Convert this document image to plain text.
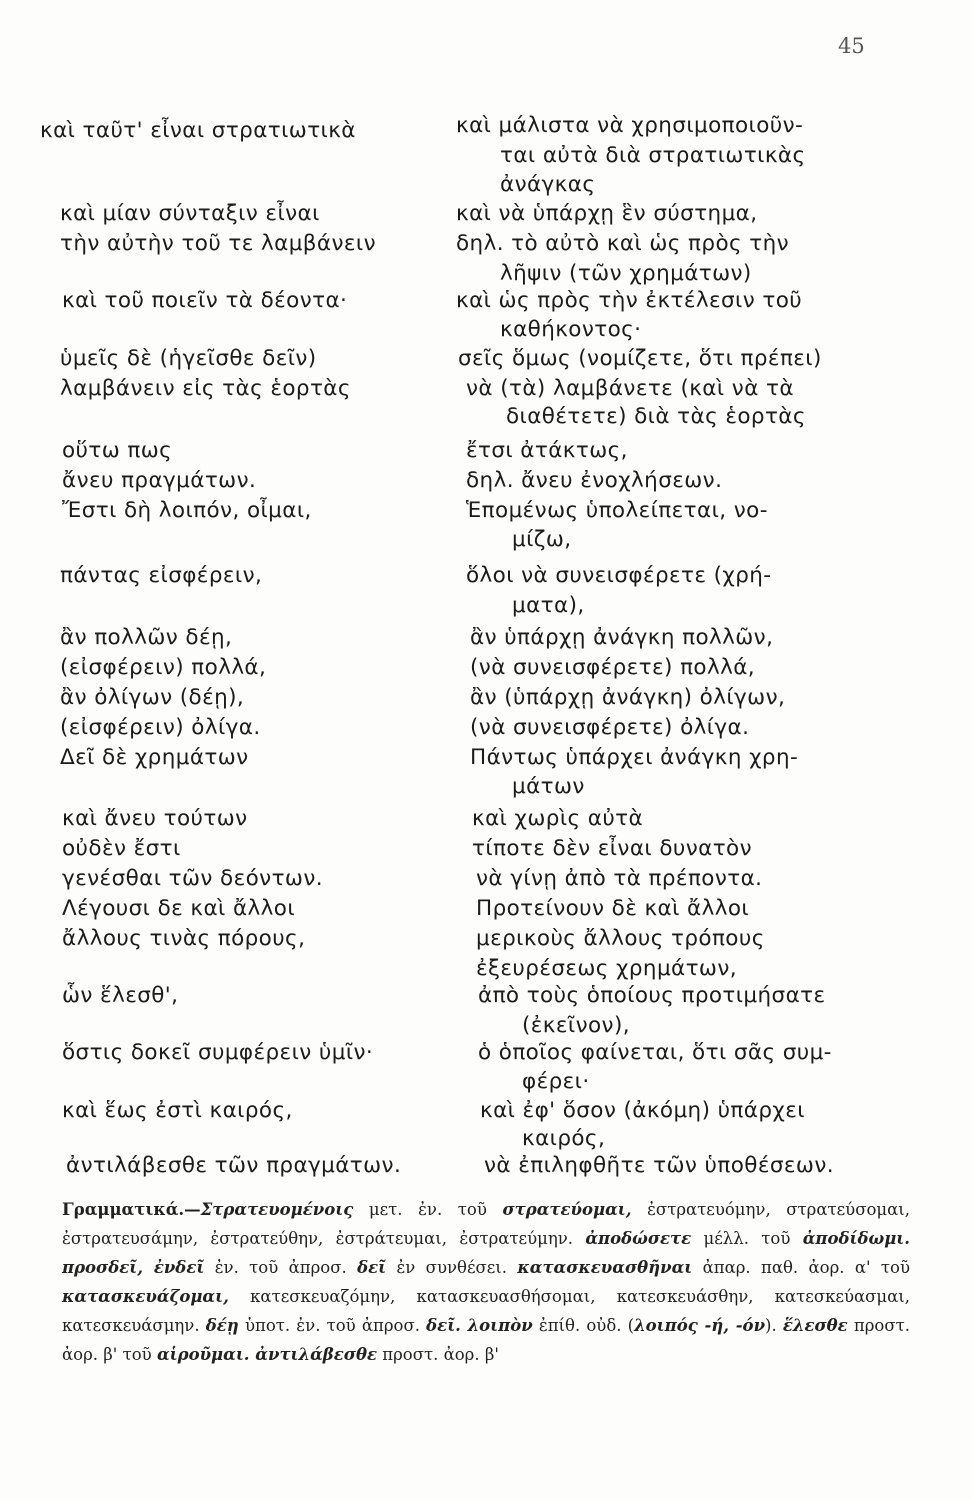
45
καὶ ταῦτ' εἶναι στρατιωτικὰ
καὶ μίαν σύνταξιν εἶναι
τὴν αὐτὴν τοῦ τε λαμβάνειν
καὶ τοῦ ποιεῖν τὰ δέοντα·
ὑμεῖς δὲ (ἡγεῖσθε δεῖν)
λαμβάνειν εἰς τὰς ἑορτὰς
οὕτω πως
ἄνευ πραγμάτων.
Ἔστι δὴ λοιπόν, οἶμαι,
πάντας εἰσφέρειν,
ἂν πολλῶν δέῃ,
(εἰσφέρειν) πολλά,
ἂν ὀλίγων (δέῃ),
(εἰσφέρειν) ὀλίγα.
Δεῖ δὲ χρημάτων
καὶ ἄνευ τούτων
οὐδὲν ἔστι
γενέσθαι τῶν δεόντων.
Λέγουσι δε καὶ ἄλλοι
ἄλλους τινὰς πόρους,
ὧν ἕλεσθ',
ὅστις δοκεῖ συμφέρειν ὑμῖν·
καὶ ἕως ἐστὶ καιρός,
ἀντιλάβεσθε τῶν πραγμάτων.
καὶ μάλιστα νὰ χρησιμοποιοῦν-
ται αὐτὰ διὰ στρατιωτικὰς
ἀνάγκας
καὶ νὰ ὑπάρχῃ ἓν σύστημα,
δηλ. τὸ αὐτὸ καὶ ὡς πρὸς τὴν
λῆψιν (τῶν χρημάτων)
καὶ ὡς πρὸς τὴν ἐκτέλεσιν τοῦ
καθήκοντος·
σεῖς ὅμως (νομίζετε, ὅτι πρέπει)
νὰ (τὰ) λαμβάνετε (καὶ νὰ τὰ
διαθέτετε) διὰ τὰς ἑορτὰς
ἔτσι ἀτάκτως,
δηλ. ἄνευ ἐνοχλήσεων.
Ἑπομένως ὑπολείπεται, νο-
μίζω,
ὅλοι νὰ συνεισφέρετε (χρή-
ματα),
ἂν ὑπάρχῃ ἀνάγκη πολλῶν,
(νὰ συνεισφέρετε) πολλά,
ἂν (ὑπάρχῃ ἀνάγκη) ὀλίγων,
(νὰ συνεισφέρετε) ὀλίγα.
Πάντως ὑπάρχει ἀνάγκη χρη-
μάτων
καὶ χωρὶς αὐτὰ
τίποτε δὲν εἶναι δυνατὸν
νὰ γίνῃ ἀπὸ τὰ πρέποντα.
Προτείνουν δὲ καὶ ἄλλοι
μερικοὺς ἄλλους τρόπους
ἐξευρέσεως χρημάτων,
ἀπὸ τοὺς ὁποίους προτιμήσατε
(ἐκεῖνον),
ὁ ὁποῖος φαίνεται, ὅτι σᾶς συμ-
φέρει·
καὶ ἐφ' ὅσον (ἀκόμη) ὑπάρχει
καιρός,
νὰ ἐπιληφθῆτε τῶν ὑποθέσεων.
Γραμματικά.—Στρατευομένοις μετ. ἐν. τοῦ στρατεύομαι, ἐστρατευόμην, στρατεύσομαι, ἐστρατευσάμην, ἐστρατεύθην, ἐστράτευμαι, ἐστρατεύμην. ἀποδώσετε μέλλ. τοῦ ἀποδίδωμι. προσδεῖ, ἐνδεῖ ἐν. τοῦ ἀπροσ. δεῖ ἐν συνθέσει. κατασκευασθῆναι ἀπαρ. παθ. ἀορ. α' τοῦ κατασκευάζομαι, κατεσκευαζόμην, κατασκευασθήσομαι, κατεσκευάσθην, κατεσκεύασμαι, κατεσκευάσμην. δέῃ ὑποτ. ἐν. τοῦ ἀπροσ. δεῖ. λοιπὸν ἐπίθ. οὐδ. (λοιπός -ή, -όν). ἕλεσθε προστ. ἀορ. β' τοῦ αἱροῦμαι. ἀντιλάβεσθε προστ. ἀορ. β'
